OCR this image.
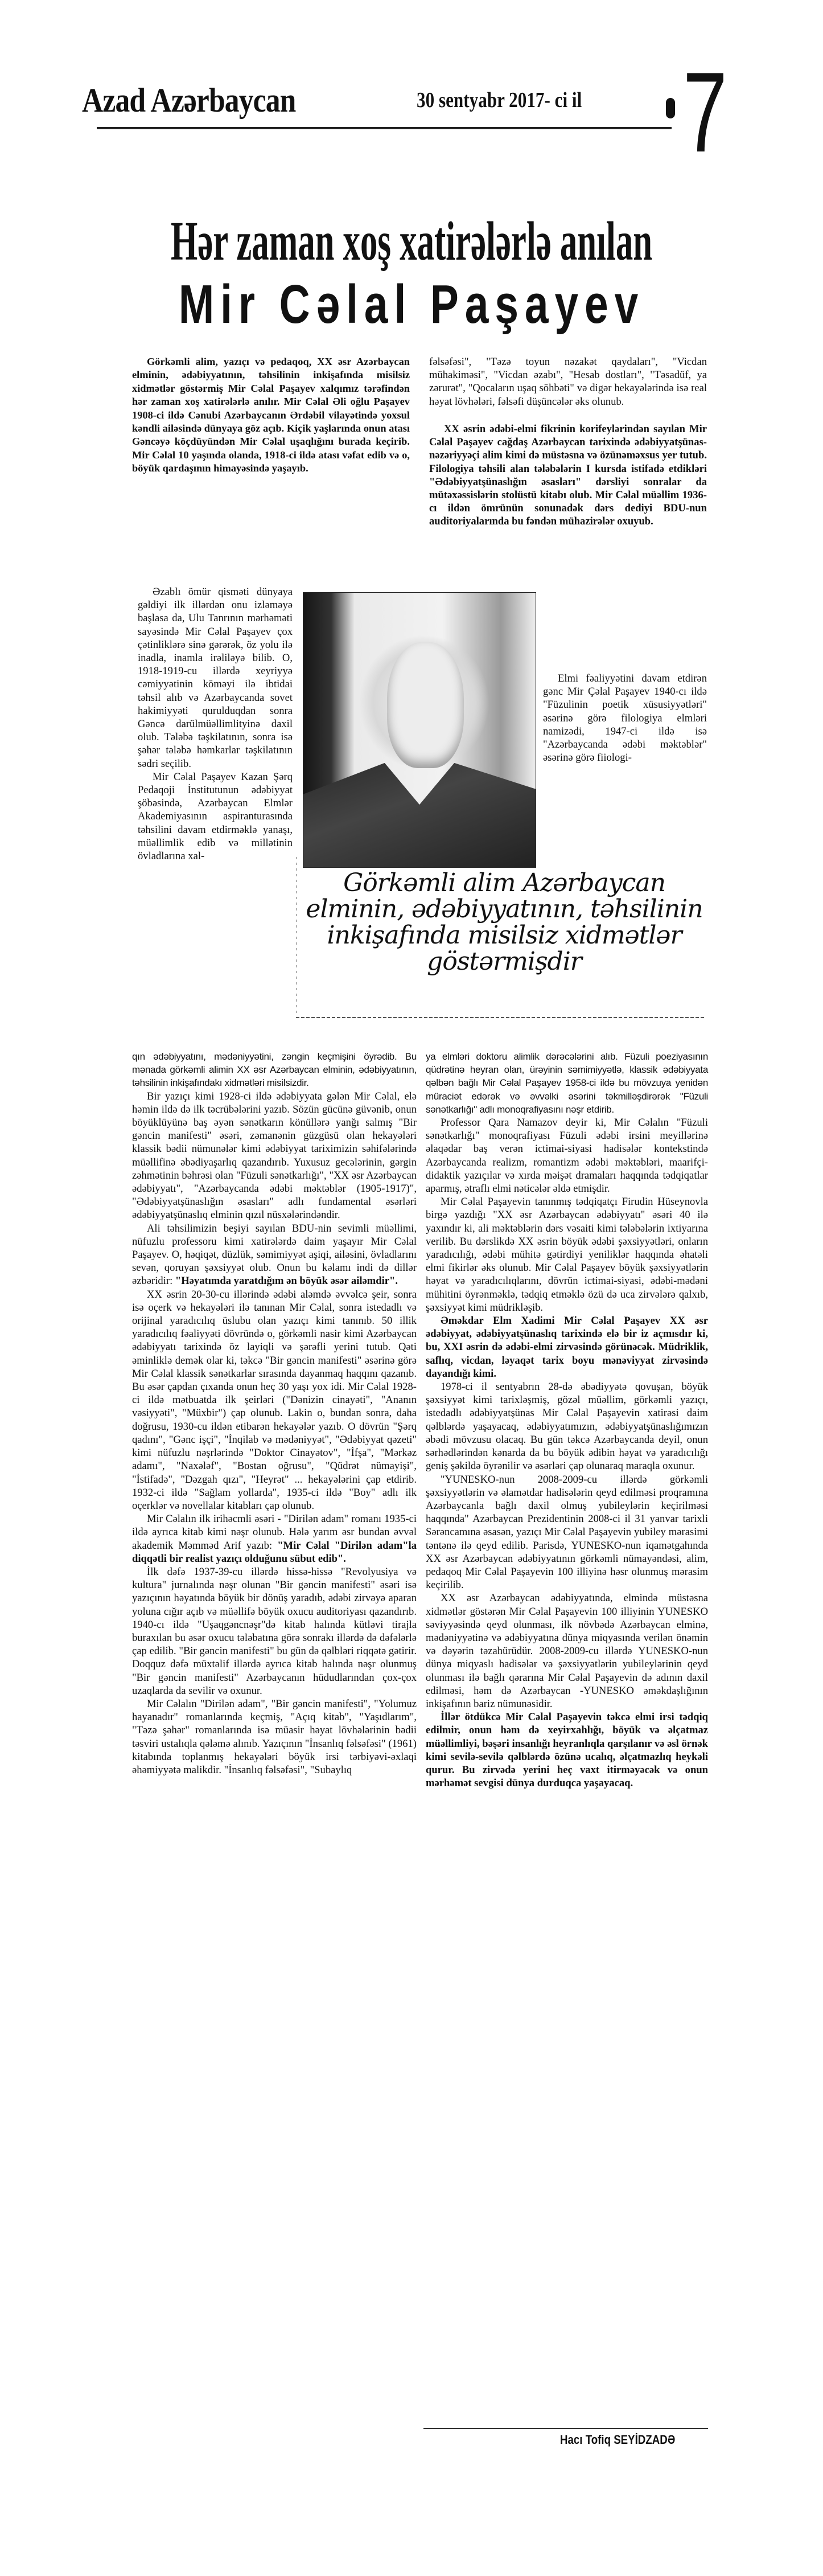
Azad Azərbaycan	30 sentyabr 2017- ci il 7
Hər zaman xoş xatirələrlə anılan
Mir Cəlal Paşayev

Görkəmli alim, yazıçı və pedaqoq, XX əsr Azərbaycan elminin, ədəbiyyatının, təhsilinin inkişafında misilsiz xidmətlər göstərmiş Mir Cəlal Paşayev xalqımız tərəfindən hər zaman xoş xatirələrlə anılır. Mir Cəlal Əli oğlu Paşayev 1908-ci ildə Cənubi Azərbaycanın Ərdəbil vilayətində yoxsul kəndli ailəsində dünyaya göz açıb. Kiçik yaşlarında onun atası Gəncəyə köçdüyündən Mir Cəlal uşaqlığını burada keçirib. Mir Cəlal 10 yaşında olanda, 1918-ci ildə atası vəfat edib və o, böyük qardaşının himayəsində yaşayıb.

Əzablı ömür qisməti dünyaya gəldiyi ilk illərdən onu izləməyə başlasa da, Ulu Tanrının mərhəməti sayəsində Mir Cəlal Paşayev çox çətinliklərə sinə gərərək, öz yolu ilə inadla, inamla irəliləyə bilib. O, 1918-1919-cu illərdə xeyriyyə cəmiyyətinin köməyi ilə ibtidai təhsil alıb və Azərbaycanda sovet hakimiyyəti qurulduqdan sonra Gəncə darülmüəllimlityinə daxil olub. Tələbə təşkilatının, sonra isə şəhər tələbə həmkarlar təşkilatının sədri seçilib.

Mir Cəlal Paşayev Kazan Şərq Pedaqoji İnstitutunun ədəbiyyat şöbəsində, Azərbaycan Elmlər Akademiyasının aspiranturasında təhsilini davam etdirməklə yanaşı, müəllimlik edib və millətinin övladlarına xal-

Görkəmli alim Azərbaycan elminin, ədəbiyyatının, təhsilinin inkişafında misilsiz xidmətlər göstərmişdir

qın ədəbiyyatını, mədəniyyətini, zəngin keçmişini öyrədib. Bu mənada görkəmli alimin XX əsr Azərbaycan elminin, ədəbiyyatının, təhsilinin inkişafındakı xidmətləri misilsizdir.

Bir yazıçı kimi 1928-ci ildə ədəbiyyata gələn Mir Cəlal, elə həmin ildə də ilk təcrübələrini yazıb. Sözün gücünə güvənib, onun böyüklüyünə baş əyən sənətkarın könüllərə yanğı salmış "Bir gəncin manifesti" əsəri, zəmanənin güzgüsü olan hekayələri klassik bədii nümunələr kimi ədəbiyyat tariximizin səhifələrində müəllifinə əbədiyaşarlıq qazandırıb. Yuxusuz gecələrinin, gərgin zəhmətinin bəhrəsi olan "Füzuli sənətkarlığı", "XX əsr Azərbaycan ədəbiyyatı", "Azərbaycanda ədəbi məktəblər (1905-1917)", "Ədəbiyyatşünaslığın əsasları" adlı fundamental əsərləri ədəbiyyatşünaslıq elminin qızıl nüsxələrindəndir.

Ali təhsilimizin beşiyi sayılan BDU-nin sevimli müəllimi, nüfuzlu professoru kimi xatirələrdə daim yaşayır Mir Cəlal Paşayev. O, həqiqət, düzlük, səmimiyyət aşiqi, ailəsini, övladlarını sevən, qoruyan şəxsiyyət olub. Onun bu kəlamı indi də dillər əzbəridir: "Həyatımda yaratdığım ən böyük əsər ailəmdir".

XX əsrin 20-30-cu illərində ədəbi aləmdə əvvəlcə şeir, sonra isə oçerk və hekayələri ilə tanınan Mir Cəlal, sonra istedadlı və orijinal yaradıcılıq üslubu olan yazıçı kimi tanınıb. 50 illik yaradıcılıq fəaliyyəti dövründə o, görkəmli nasir kimi Azərbaycan ədəbiyyatı tarixində öz layiqli və şərəfli yerini tutub. Qəti əminliklə demək olar ki, təkcə "Bir gəncin manifesti" əsərinə görə Mir Cəlal klassik sənətkarlar sırasında dayanmaq haqqını qazanıb. Bu əsər çapdan çıxanda onun heç 30 yaşı yox idi. Mir Cəlal 1928-ci ildə mətbuatda ilk şeirləri ("Dənizin cinayəti", "Ananın vəsiyyəti", "Müxbir") çap olunub. Lakin o, bundan sonra, daha doğrusu, 1930-cu ildən etibarən hekayələr yazıb. O dövrün "Şərq qadını", "Gənc işçi", "İnqilab və mədəniyyət", "Ədəbiyyat qəzeti" kimi nüfuzlu nəşrlərində "Doktor Cinayətov", "İfşa", "Mərkəz adamı", "Naxələf", "Bostan oğrusu", "Qüdrət nümayişi", "İstifadə", "Dəzgah qızı", "Heyrət" ... hekayələrini çap etdirib. 1932-ci ildə "Sağlam yollarda", 1935-ci ildə "Boy" adlı ilk oçerklər və novellalar kitabları çap olunub.

Mir Cəlalın ilk irihəcmli əsəri - "Dirilən adam" romanı 1935-ci ildə ayrıca kitab kimi nəşr olunub. Hələ yarım əsr bundan əvvəl akademik Məmməd Arif yazıb: "Mir Cəlal "Dirilən adam"la diqqətli bir realist yazıçı olduğunu sübut edib".

İlk dəfə 1937-39-cu illərdə hissə-hissə "Revolyusiya və kultura" jurnalında nəşr olunan "Bir gəncin manifesti" əsəri isə yazıçının həyatında böyük bir dönüş yaradıb, ədəbi zirvəyə aparan yoluna cığır açıb və müəllifə böyük oxucu auditoriyası qazandırıb. 1940-cı ildə "Uşaqgəncnəşr"də kitab halında kütləvi tirajla buraxılan bu əsər oxucu tələbatına görə sonrakı illərdə də dəfələrlə çap edilib. "Bir gəncin manifesti" bu gün də qəlbləri riqqətə gətirir. Doqquz dəfə müxtəlif illərdə ayrıca kitab halında nəşr olunmuş "Bir gəncin manifesti" Azərbaycanın hüdudlarından çox-çox uzaqlarda da sevilir və oxunur.

Mir Cəlalın "Dirilən adam", "Bir gəncin manifesti", "Yolumuz hayanadır" romanlarında keçmiş, "Açıq kitab", "Yaşıdlarım", "Təzə şəhər" romanlarında isə müasir həyat lövhələrinin bədii təsviri ustalıqla qələmə alınıb. Yazıçının "İnsanlıq fəlsəfəsi" (1961) kitabında toplanmış hekayələri böyük irsi tərbiyəvi-əxlaqi əhəmiyyətə malikdir. "İnsanlıq fəlsəfəsi", "Subaylıq

fəlsəfəsi", "Təzə toyun nəzakət qaydaları", "Vicdan mühakiməsi", "Vicdan əzabı", "Hesab dostları", "Təsadüf, ya zərurət", "Qocaların uşaq söhbəti" və digər hekayələrində isə real həyat lövhələri, fəlsəfi düşüncələr əks olunub.

XX əsrin ədəbi-elmi fikrinin korifeylərindən sayılan Mir Cəlal Paşayev cağdaş Azərbaycan tarixində ədəbiyyatşünas-nəzəriyyəçi alim kimi də müstəsna və özünəməxsus yer tutub. Filologiya təhsili alan tələbələrin I kursda istifadə etdikləri "Ədəbiyyatşünaslığın əsasları" dərsliyi sonralar da mütəxəssislərin stolüstü kitabı olub. Mir Cəlal müəllim 1936-cı ildən ömrünün sonunadək dərs dediyi BDU-nun auditoriyalarında bu fəndən mühazirələr oxuyub.

Elmi fəaliyyətini davam etdirən gənc Mir Çəlal Paşayev 1940-cı ildə "Füzulinin poetik xüsusiyyətləri" əsərinə görə filologiya elmləri namizədi, 1947-ci ildə isə "Azərbaycanda ədəbi məktəblər" əsərinə görə fiiologi-

ya elmləri doktoru alimlik dərəcələrini alıb. Füzuli poeziyasının qüdrətinə heyran olan, ürəyinin səmimiyyətlə, klassik ədəbiyyata qəlbən bağlı Mir Cəlal Paşayev 1958-ci ildə bu mövzuya yenidən müraciət edərək və əvvəlki əsərini təkmilləşdirərək "Füzuli sənətkarlığı" adlı monoqrafiyasını nəşr etdirib.

Professor Qara Namazov deyir ki, Mir Cəlalın "Füzuli sənətkarlığı" monoqrafiyası Füzuli ədəbi irsini meyillərinə əlaqədar baş verən ictimai-siyasi hadisələr kontekstində Azərbaycanda realizm, romantizm ədəbi məktəbləri, maarifçi-didaktik yazıçılar və xırda məişət dramaları haqqında tədqiqatlar aparmış, ətraflı elmi nəticələr əldə etmişdir.

Mir Cəlal Paşayevin tanınmış tədqiqatçı Firudin Hüseynovla birgə yazdığı "XX əsr Azərbaycan ədəbiyyatı" əsəri 40 ilə yaxındır ki, ali məktəblərin dərs vəsaiti kimi tələbələrin ixtiyarına verilib. Bu dərslikdə XX əsrin böyük ədəbi şəxsiyyətləri, onların yaradıcılığı, ədəbi mühitə gətirdiyi yeniliklər haqqında əhatəli elmi fikirlər əks olunub. Mir Cəlal Paşayev böyük şəxsiyyətlərin həyat və yaradıcılıqlarını, dövrün ictimai-siyasi, ədəbi-mədəni mühitini öyrənməklə, tədqiq etməklə özü də uca zirvələrə qalxıb, şəxsiyyət kimi müdrikləşib.

Əməkdar Elm Xadimi Mir Cəlal Paşayev XX əsr ədəbiyyat, ədəbiyyatşünaslıq tarixində elə bir iz açmısdır ki, bu, XXI əsrin də ədəbi-elmi zirvəsində görünəcək. Müdriklik, saflıq, vicdan, ləyaqət tarix boyu mənəviyyat zirvəsində dayandığı kimi.

1978-ci il sentyabrın 28-də əbədiyyətə qovuşan, böyük şəxsiyyət kimi tarixləşmiş, gözəl müəllim, görkəmli yazıçı, istedadlı ədəbiyyatşünas Mir Cəlal Paşayevin xatirəsi daim qəlblərdə yaşayacaq, ədəbiyyatımızın, ədəbiyyatşünaslığımızın əbədi mövzusu olacaq. Bu gün təkcə Azərbaycanda deyil, onun sərhədlərindən kənarda da bu böyük ədibin həyat və yaradıcılığı geniş şəkildə öyrənilir və əsərləri çap olunaraq maraqla oxunur.

"YUNESKO-nun 2008-2009-cu illərdə görkəmli şəxsiyyətlərin və əlamətdar hadisələrin qeyd edilməsi proqramına Azərbaycanla bağlı daxil olmuş yubileylərin keçirilməsi haqqında" Azərbaycan Prezidentinin 2008-ci il 31 yanvar tarixli Sərəncamına əsasən, yazıçı Mir Cəlal Paşayevin yubiley mərasimi təntənə ilə qeyd edilib. Parisdə, YUNESKO-nun iqamətgahında XX əsr Azərbaycan ədəbiyyatının görkəmli nümayəndəsi, alim, pedaqoq Mir Cəlal Paşayevin 100 illiyinə həsr olunmuş mərasim keçirilib.

XX əsr Azərbaycan ədəbiyyatında, elmində müstəsna xidmətlər göstərən Mir Cəlal Paşayevin 100 illiyinin YUNESKO səviyyəsində qeyd olunması, ilk növbədə Azərbaycan elminə, mədəniyyətinə və ədəbiyyatına dünya miqyasında verilən önəmin və dəyərin təzahürüdür. 2008-2009-cu illərdə YUNESKO-nun dünya miqyaslı hadisələr və şəxsiyyətlərin yubileylərinin qeyd olunması ilə bağlı qərarına Mir Cəlal Paşayevin də adının daxil edilməsi, həm də Azərbaycan -YUNESKO əməkdaşlığının inkişafının bariz nümunəsidir.

İllər ötdükcə Mir Cəlal Paşayevin təkcə elmi irsi tədqiq edilmir, onun həm də xeyirxahlığı, böyük və əlçatmaz müəllimliyi, bəşəri insanlığı heyranlıqla qarşılanır və əsl örnək kimi sevilə-sevilə qəlblərdə özünə ucalıq, əlçatmazlıq heykəli qurur. Bu zirvədə yerini heç vaxt itirməyəcək və onun mərhəmət sevgisi dünya durduqca yaşayacaq.

Hacı Tofiq SEYİDZADƏ
